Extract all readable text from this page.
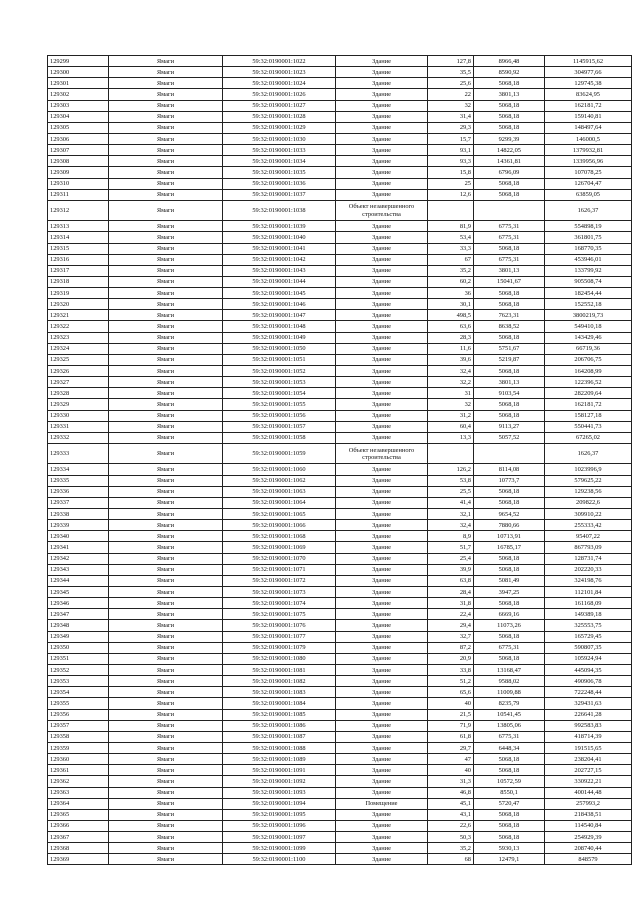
129299	Ямаги	59:32:0190001:1022	Здание	127,8	8966,48	1145915,62
129300	Ямаги	59:32:0190001:1023	Здание	35,5	8590,92	304977,66
129301	Ямаги	59:32:0190001:1024	Здание	25,6	5068,18	129745,38
129302	Ямаги	59:32:0190001:1026	Здание	22	3801,13	83624,95
129303	Ямаги	59:32:0190001:1027	Здание	32	5068,18	162181,72
129304	Ямаги	59:32:0190001:1028	Здание	31,4	5068,18	159140,81
129305	Ямаги	59:32:0190001:1029	Здание	29,3	5068,18	148497,64
129306	Ямаги	59:32:0190001:1030	Здание	15,7	9299,39	146000,5
129307	Ямаги	59:32:0190001:1033	Здание	93,1	14822,05	1379932,81
129308	Ямаги	59:32:0190001:1034	Здание	93,3	14361,81	1339956,96
129309	Ямаги	59:32:0190001:1035	Здание	15,8	6796,09	107078,25
129310	Ямаги	59:32:0190001:1036	Здание	25	5068,18	126704,47
129311	Ямаги	59:32:0190001:1037	Здание	12,6	5068,18	63859,05
129312	Ямаги	59:32:0190001:1038	Объект незавершенного строительства			1626,37
129313	Ямаги	59:32:0190001:1039	Здание	81,9	6775,31	554898,19
129314	Ямаги	59:32:0190001:1040	Здание	53,4	6775,31	361801,75
129315	Ямаги	59:32:0190001:1041	Здание	33,3	5068,18	168770,35
129316	Ямаги	59:32:0190001:1042	Здание	67	6775,31	453946,01
129317	Ямаги	59:32:0190001:1043	Здание	35,2	3801,13	133799,92
129318	Ямаги	59:32:0190001:1044	Здание	60,2	15041,67	905508,74
129319	Ямаги	59:32:0190001:1045	Здание	36	5068,18	182454,44
129320	Ямаги	59:32:0190001:1046	Здание	30,1	5068,18	152552,18
129321	Ямаги	59:32:0190001:1047	Здание	498,5	7623,31	3800219,73
129322	Ямаги	59:32:0190001:1048	Здание	63,6	8638,52	549410,18
129323	Ямаги	59:32:0190001:1049	Здание	28,3	5068,18	143429,46
129324	Ямаги	59:32:0190001:1050	Здание	11,6	5751,67	66719,36
129325	Ямаги	59:32:0190001:1051	Здание	39,6	5219,87	206706,75
129326	Ямаги	59:32:0190001:1052	Здание	32,4	5068,18	164208,99
129327	Ямаги	59:32:0190001:1053	Здание	32,2	3801,13	122396,52
129328	Ямаги	59:32:0190001:1054	Здание	31	9103,54	282209,64
129329	Ямаги	59:32:0190001:1055	Здание	32	5068,18	162181,72
129330	Ямаги	59:32:0190001:1056	Здание	31,2	5068,18	158127,18
129331	Ямаги	59:32:0190001:1057	Здание	60,4	9113,27	550441,73
129332	Ямаги	59:32:0190001:1058	Здание	13,3	5057,52	67265,02
129333	Ямаги	59:32:0190001:1059	Объект незавершенного строительства			1626,37
129334	Ямаги	59:32:0190001:1060	Здание	126,2	8114,08	1023996,9
129335	Ямаги	59:32:0190001:1062	Здание	53,8	10773,7	579625,22
129336	Ямаги	59:32:0190001:1063	Здание	25,5	5068,18	129238,56
129337	Ямаги	59:32:0190001:1064	Здание	41,4	5068,18	209822,6
129338	Ямаги	59:32:0190001:1065	Здание	32,1	9654,52	309910,22
129339	Ямаги	59:32:0190001:1066	Здание	32,4	7880,66	255333,42
129340	Ямаги	59:32:0190001:1068	Здание	8,9	10713,91	95407,22
129341	Ямаги	59:32:0190001:1069	Здание	51,7	16785,17	867793,09
129342	Ямаги	59:32:0190001:1070	Здание	25,4	5068,18	128731,74
129343	Ямаги	59:32:0190001:1071	Здание	39,9	5068,18	202220,33
129344	Ямаги	59:32:0190001:1072	Здание	63,8	5081,49	324198,76
129345	Ямаги	59:32:0190001:1073	Здание	28,4	3947,25	112101,84
129346	Ямаги	59:32:0190001:1074	Здание	31,8	5068,18	161168,09
129347	Ямаги	59:32:0190001:1075	Здание	22,4	6669,16	149389,18
129348	Ямаги	59:32:0190001:1076	Здание	29,4	11073,26	325553,75
129349	Ямаги	59:32:0190001:1077	Здание	32,7	5068,18	165729,45
129350	Ямаги	59:32:0190001:1079	Здание	87,2	6775,31	590807,35
129351	Ямаги	59:32:0190001:1080	Здание	20,9	5068,18	105924,94
129352	Ямаги	59:32:0190001:1081	Здание	33,8	13168,47	445094,35
129353	Ямаги	59:32:0190001:1082	Здание	51,2	9588,02	490906,78
129354	Ямаги	59:32:0190001:1083	Здание	65,6	11009,88	722248,44
129355	Ямаги	59:32:0190001:1084	Здание	40	8235,79	329431,63
129356	Ямаги	59:32:0190001:1085	Здание	21,5	10541,45	226641,28
129357	Ямаги	59:32:0190001:1086	Здание	71,9	13805,06	992583,83
129358	Ямаги	59:32:0190001:1087	Здание	61,8	6775,31	418714,39
129359	Ямаги	59:32:0190001:1088	Здание	29,7	6448,34	191515,65
129360	Ямаги	59:32:0190001:1089	Здание	47	5068,18	238204,41
129361	Ямаги	59:32:0190001:1091	Здание	40	5068,18	202727,15
129362	Ямаги	59:32:0190001:1092	Здание	31,3	10572,59	330922,21
129363	Ямаги	59:32:0190001:1093	Здание	46,8	8550,1	400144,48
129364	Ямаги	59:32:0190001:1094	Помещение	45,1	5720,47	257993,2
129365	Ямаги	59:32:0190001:1095	Здание	43,1	5068,18	218438,51
129366	Ямаги	59:32:0190001:1096	Здание	22,6	5068,18	114540,84
129367	Ямаги	59:32:0190001:1097	Здание	50,3	5068,18	254929,39
129368	Ямаги	59:32:0190001:1099	Здание	35,2	5930,13	208740,44
129369	Ямаги	59:32:0190001:1100	Здание	68	12479,1	848579
